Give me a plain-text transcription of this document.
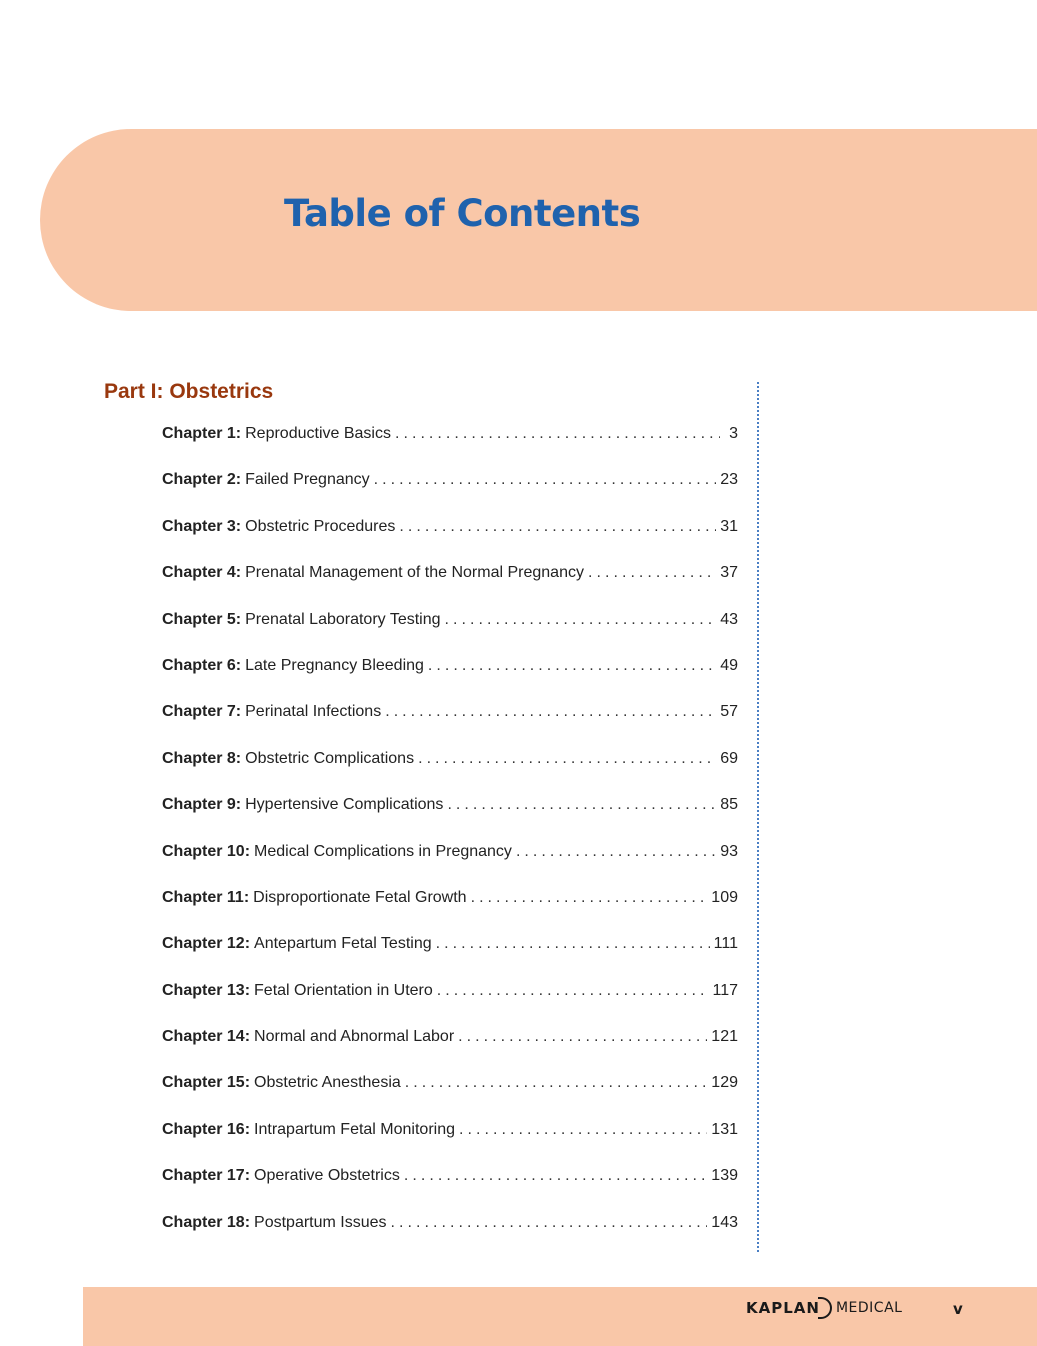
Table of Contents
Part I: Obstetrics
Chapter 1: Reproductive Basics . . .	3
Chapter 2: Failed Pregnancy . . .	23
Chapter 3: Obstetric Procedures . . .	31
Chapter 4: Prenatal Management of the Normal Pregnancy . . .	37
Chapter 5: Prenatal Laboratory Testing . . .	43
Chapter 6: Late Pregnancy Bleeding . . .	49
Chapter 7: Perinatal Infections . . .	57
Chapter 8: Obstetric Complications . . .	69
Chapter 9: Hypertensive Complications . . .	85
Chapter 10: Medical Complications in Pregnancy . . .	93
Chapter 11: Disproportionate Fetal Growth . . .	109
Chapter 12: Antepartum Fetal Testing . . .	111
Chapter 13: Fetal Orientation in Utero . . .	117
Chapter 14: Normal and Abnormal Labor . . .	121
Chapter 15: Obstetric Anesthesia . . .	129
Chapter 16: Intrapartum Fetal Monitoring . . .	131
Chapter 17: Operative Obstetrics . . .	139
Chapter 18: Postpartum Issues . . .	143
KAPLAN MEDICAL	v
